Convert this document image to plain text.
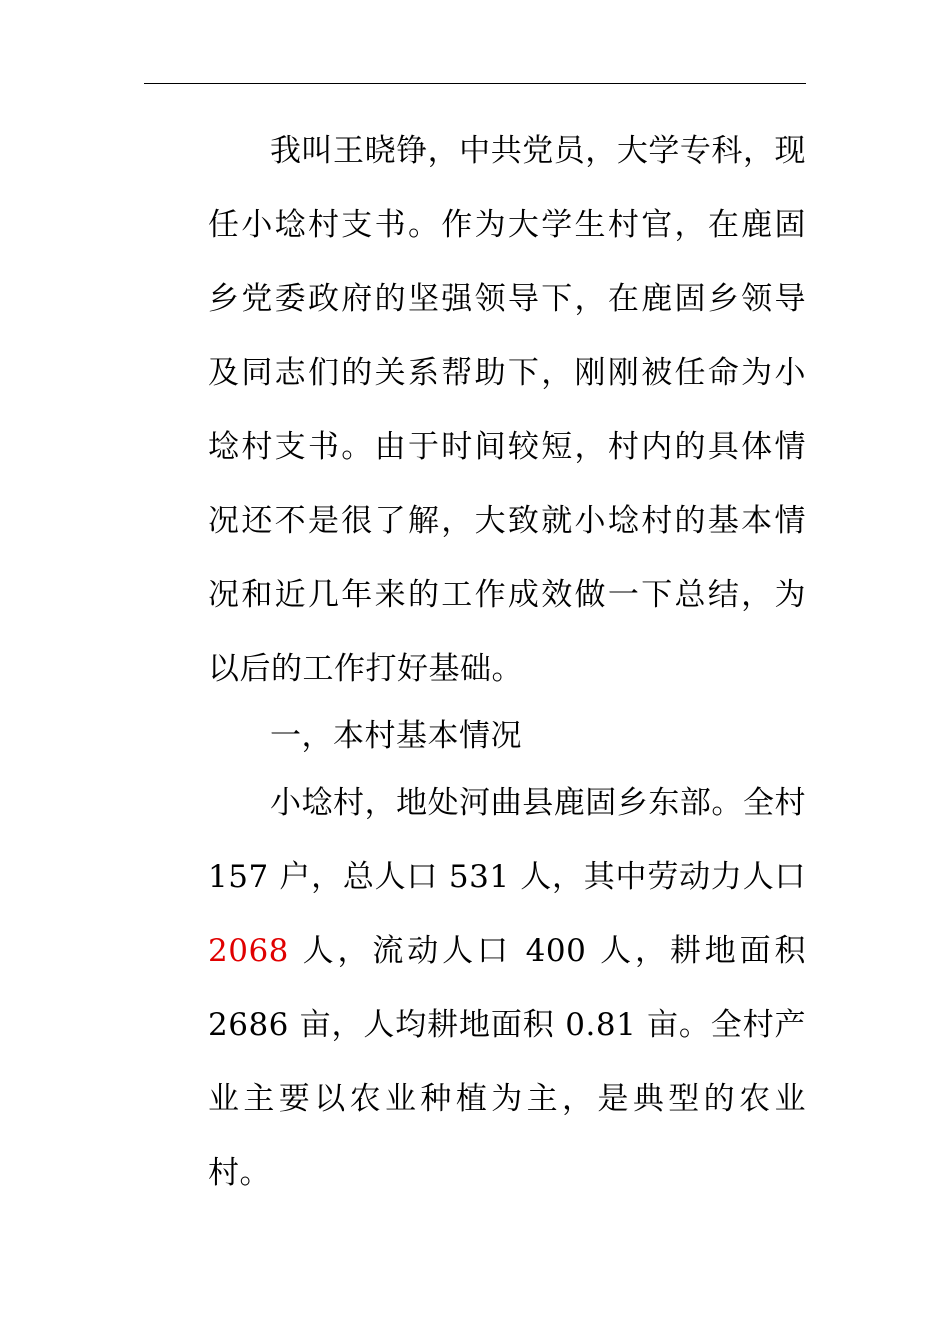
我叫王晓铮，中共党员，大学专科，现任小埝村支书。作为大学生村官，在鹿固乡党委政府的坚强领导下，在鹿固乡领导及同志们的关系帮助下，刚刚被任命为小埝村支书。由于时间较短，村内的具体情况还不是很了解，大致就小埝村的基本情况和近几年来的工作成效做一下总结，为以后的工作打好基础。

一，本村基本情况

小埝村，地处河曲县鹿固乡东部。全村 157 户，总人口 531 人，其中劳动力人口 2068 人，流动人口 400 人，耕地面积 2686 亩，人均耕地面积 0.81 亩。全村产业主要以农业种植为主，是典型的农业村。
